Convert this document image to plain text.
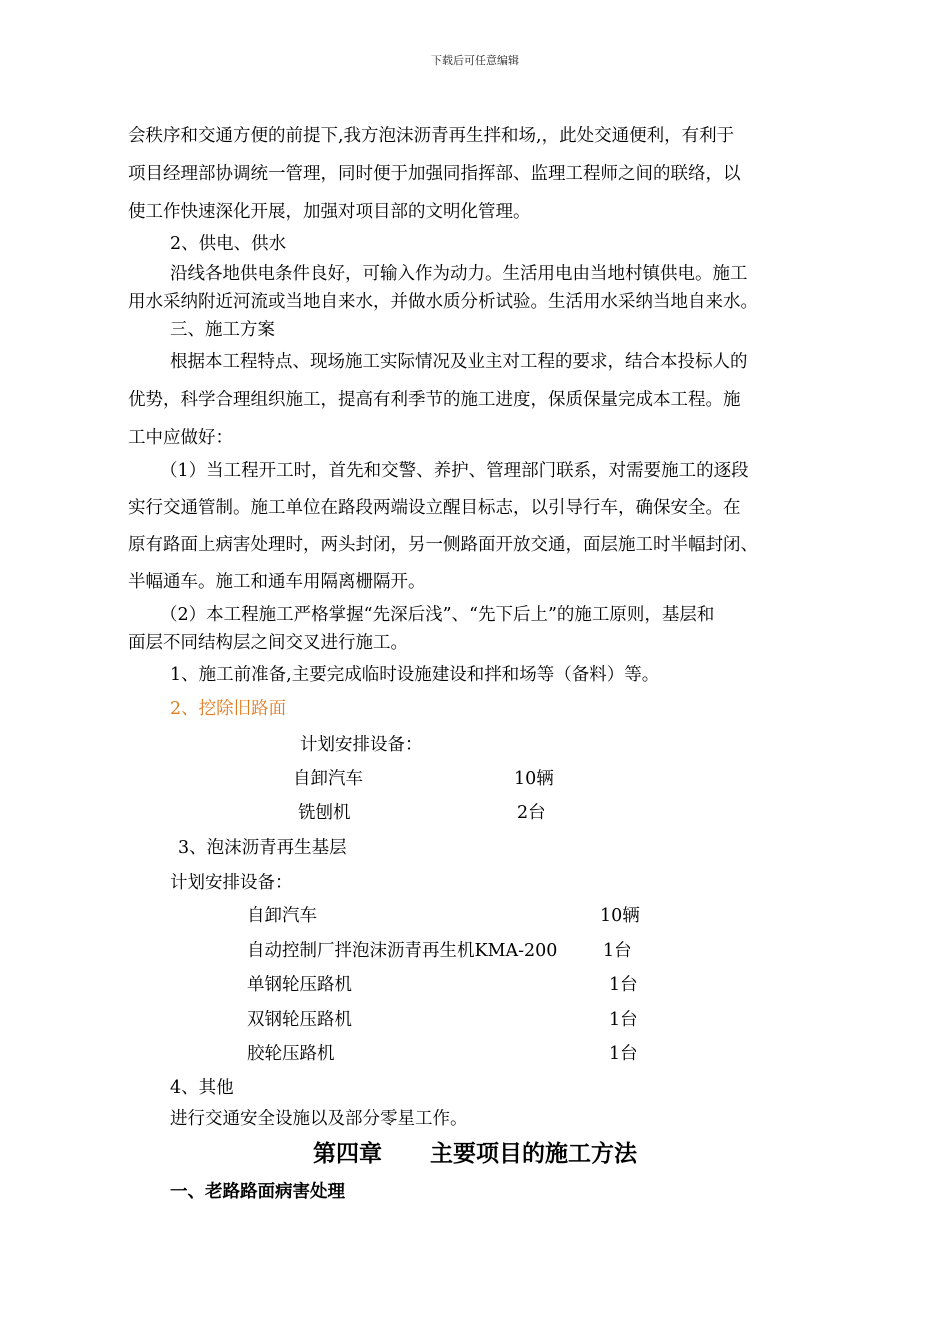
下载后可任意编辑
会秩序和交通方便的前提下,我方泡沫沥青再生拌和场,，此处交通便利，有利于
项目经理部协调统一管理，同时便于加强同指挥部、监理工程师之间的联络，以
使工作快速深化开展，加强对项目部的文明化管理。
2、供电、供水
沿线各地供电条件良好，可输入作为动力。生活用电由当地村镇供电。施工
用水采纳附近河流或当地自来水，并做水质分析试验。生活用水采纳当地自来水。
三、施工方案
根据本工程特点、现场施工实际情况及业主对工程的要求，结合本投标人的
优势，科学合理组织施工，提高有利季节的施工进度，保质保量完成本工程。施
工中应做好：
（1）当工程开工时，首先和交警、养护、管理部门联系，对需要施工的逐段
实行交通管制。施工单位在路段两端设立醒目标志，以引导行车，确保安全。在
原有路面上病害处理时，两头封闭，另一侧路面开放交通，面层施工时半幅封闭、
半幅通车。施工和通车用隔离栅隔开。
（2）本工程施工严格掌握“先深后浅”、“先下后上”的施工原则，基层和
面层不同结构层之间交叉进行施工。
1、施工前准备,主要完成临时设施建设和拌和场等（备料）等。
2、挖除旧路面
计划安排设备：
自卸汽车	10辆
铣刨机	2台
3、泡沫沥青再生基层
计划安排设备：
自卸汽车	10辆
自动控制厂拌泡沫沥青再生机KMA-200	1台
单钢轮压路机	1台
双钢轮压路机	1台
胶轮压路机	1台
4、其他
进行交通安全设施以及部分零星工作。
第四章      主要项目的施工方法
一、老路路面病害处理
